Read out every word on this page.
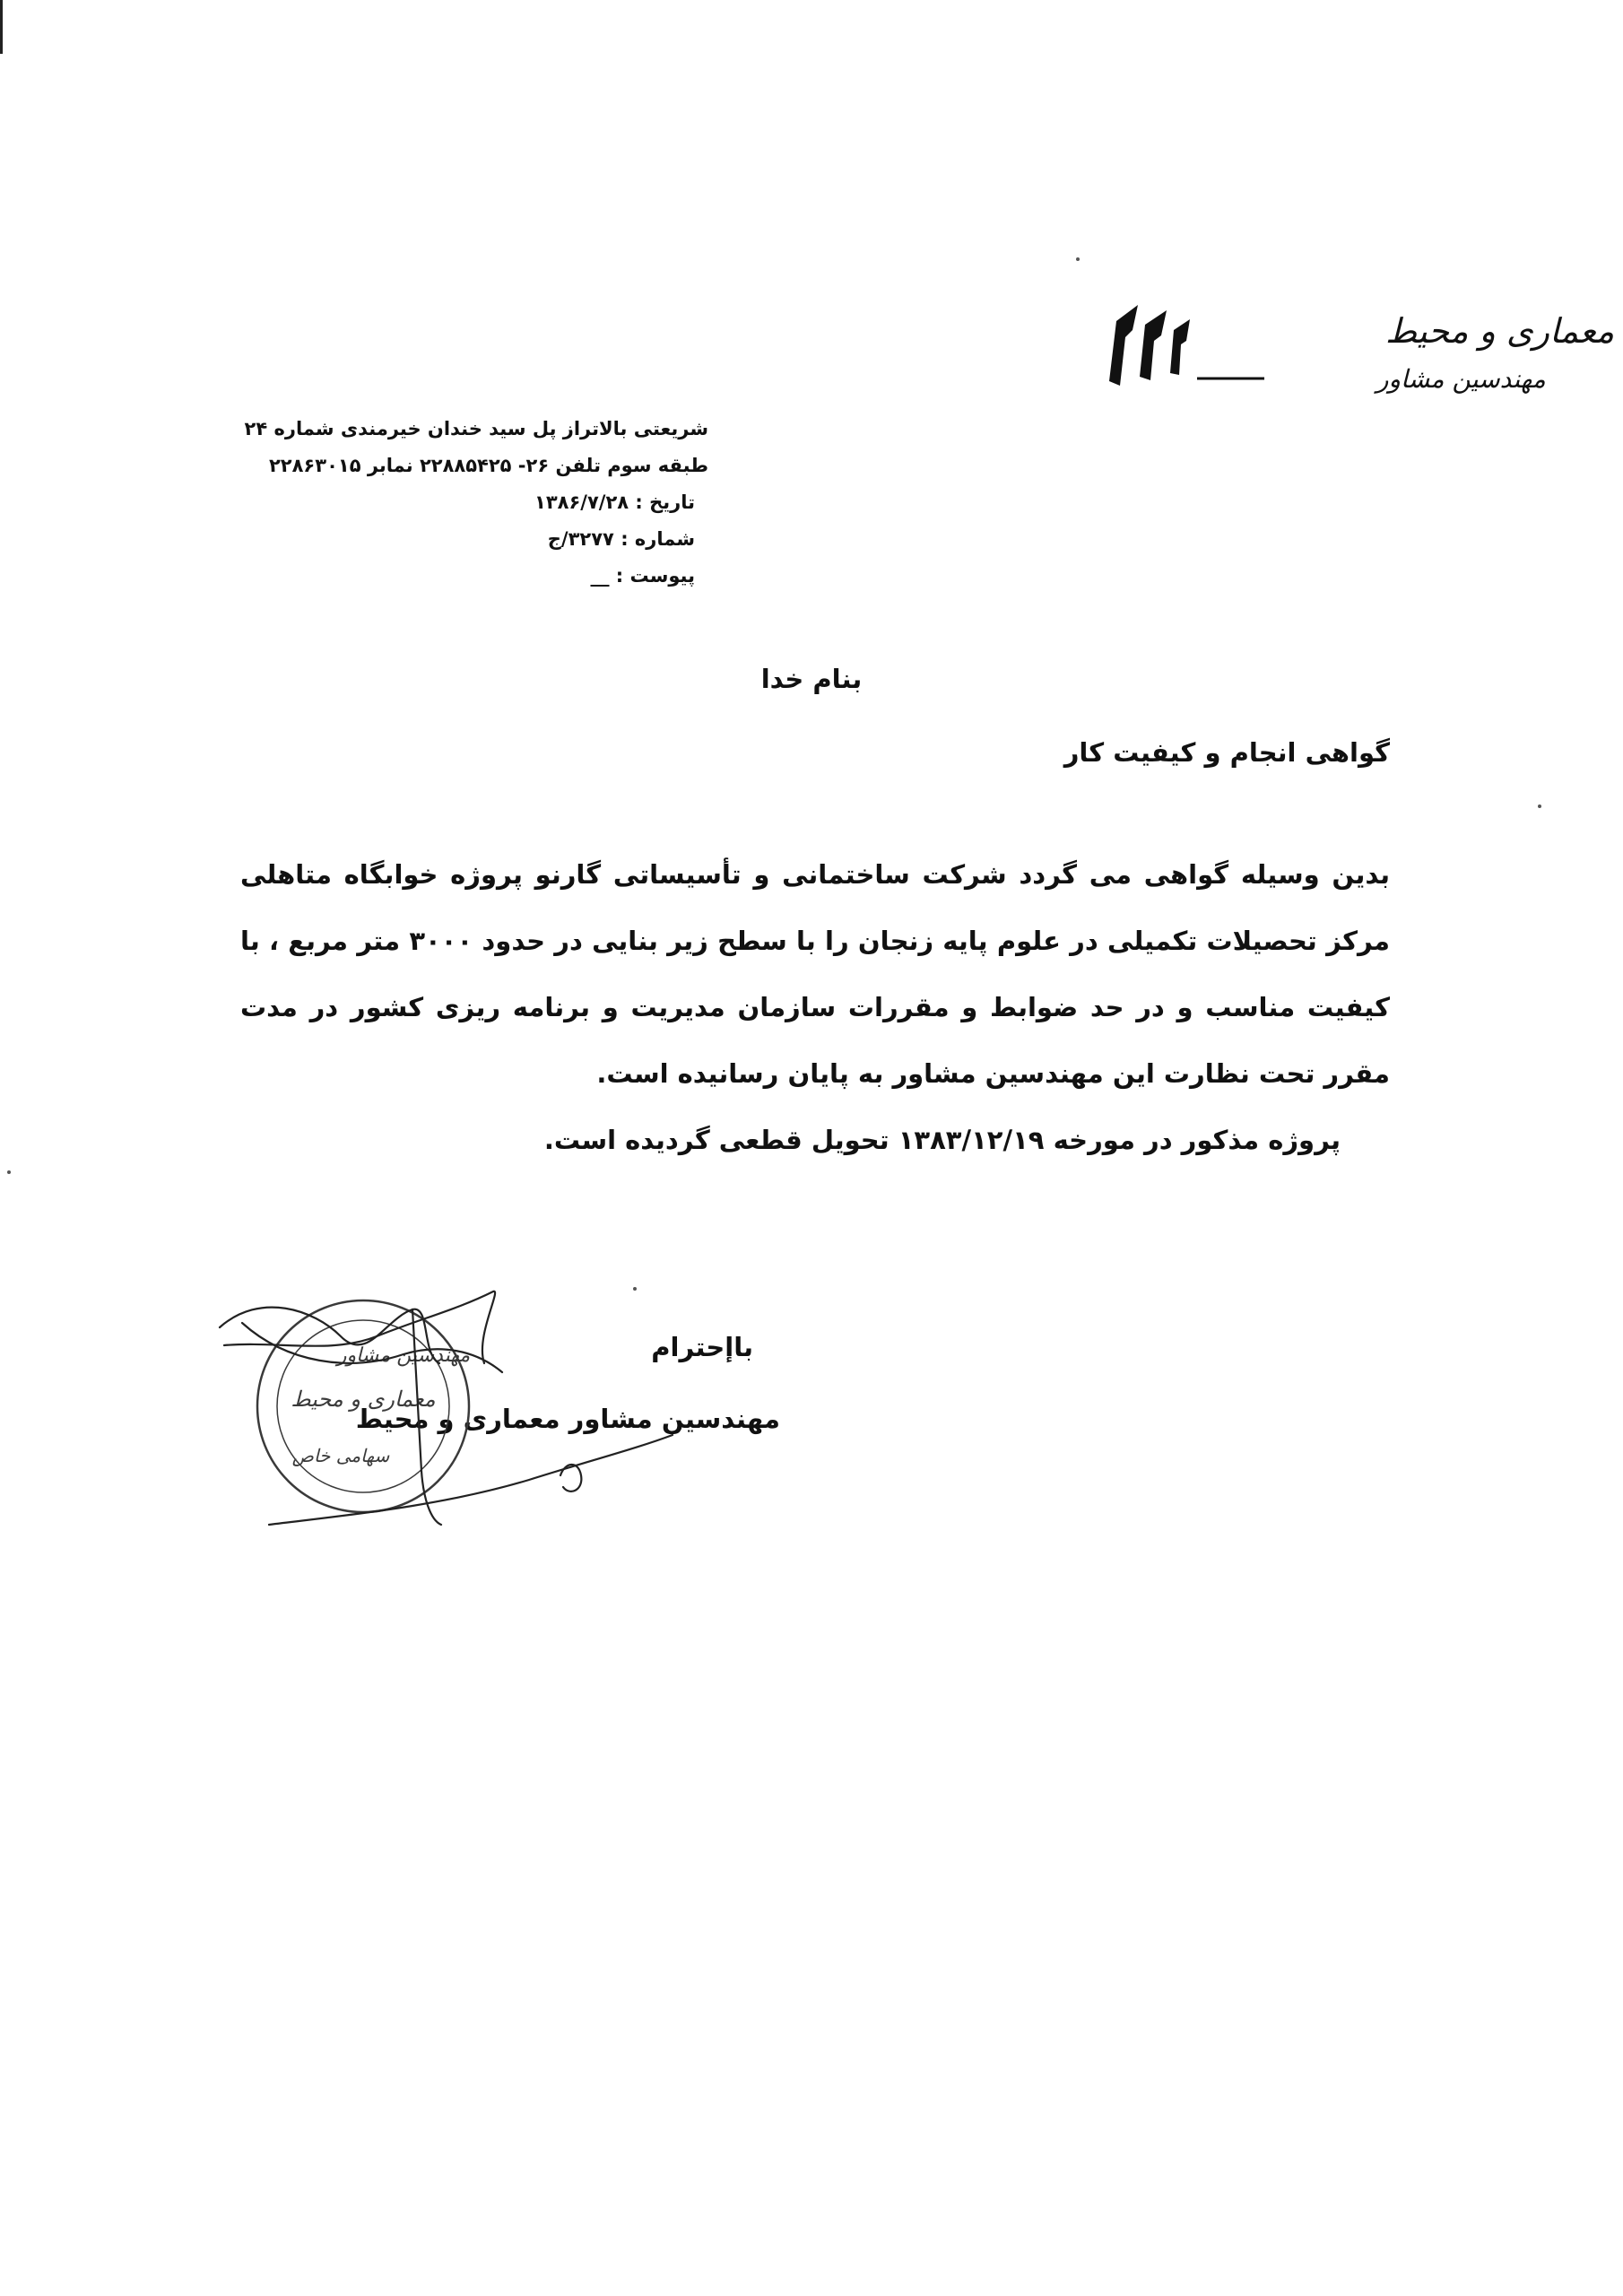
معماری و محیط
مهندسین مشاور
شریعتی بالاتراز پل سید خندان خیرمندی شماره ۲۴
طبقه سوم تلفن ۲۶- ۲۲۸۸۵۴۲۵ نمابر ۲۲۸۶۳۰۱۵
تاریخ : ۱۳۸۶/۷/۲۸
شماره : ۳۲۷۷/ج
پیوست : __
بنام خدا
گواهی انجام و کیفیت کار

بدین وسیله گواهی می گردد شرکت ساختمانی و تأسیساتی گارنو پروژه خوابگاه متاهلی مرکز تحصیلات تکمیلی در علوم پایه زنجان را با سطح زیر بنایی در حدود ۳۰۰۰ متر مربع ، با کیفیت مناسب و در حد ضوابط و مقررات سازمان مدیریت و برنامه ریزی کشور در مدت مقرر تحت نظارت این مهندسین مشاور به پایان رسانیده است.

پروژه مذکور در مورخه ۱۳۸۳/۱۲/۱۹ تحویل قطعی گردیده است.

باإحترام
مهندسین مشاور معماری و محیط
مهندسین مشاور
معماری و محیط
سهامی خاص
